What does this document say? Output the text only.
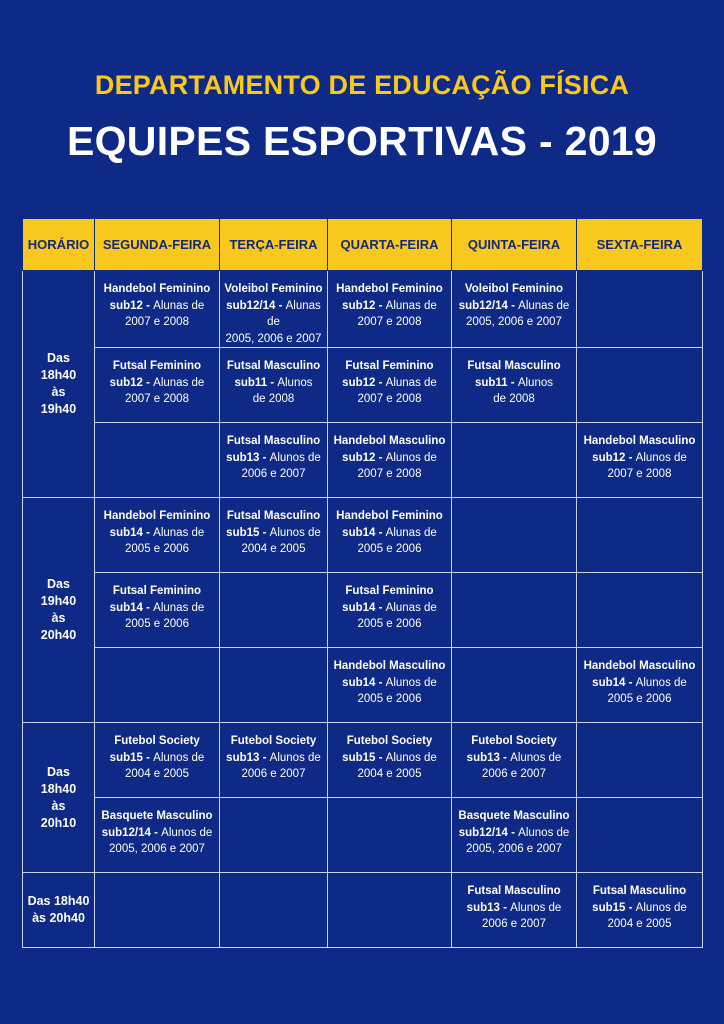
DEPARTAMENTO DE EDUCAÇÃO FÍSICA
EQUIPES ESPORTIVAS - 2019
HORÁRIO	SEGUNDA-FEIRA	TERÇA-FEIRA	QUARTA-FEIRA	QUINTA-FEIRA	SEXTA-FEIRA

Das
18h40
às
19h40	Handebol Feminino
sub12 - Alunas de
2007 e 2008	Voleibol Feminino
sub12/14 - Alunas de
2005, 2006 e 2007	Handebol Feminino
sub12 - Alunas de
2007 e 2008	Voleibol Feminino
sub12/14 - Alunas de
2005, 2006 e 2007	

	Futsal Feminino
sub12 - Alunas de
2007 e 2008	Futsal Masculino
sub11 - Alunos
de 2008	Futsal Feminino
sub12 - Alunas de
2007 e 2008	Futsal Masculino
sub11 - Alunos
de 2008	

		Futsal Masculino
sub13 - Alunos de
2006 e 2007	Handebol Masculino
sub12 - Alunos de
2007 e 2008		Handebol Masculino
sub12 - Alunos de
2007 e 2008

Das
19h40
às
20h40	Handebol Feminino
sub14 - Alunas de
2005 e 2006	Futsal Masculino
sub15 - Alunos de
2004 e 2005	Handebol Feminino
sub14 - Alunas de
2005 e 2006		

	Futsal Feminino
sub14 - Alunas de
2005 e 2006		Futsal Feminino
sub14 - Alunas de
2005 e 2006		

			Handebol Masculino
sub14 - Alunos de
2005 e 2006		Handebol Masculino
sub14 - Alunos de
2005 e 2006

Das
18h40
às
20h10	Futebol Society
sub15 - Alunos de
2004 e 2005	Futebol Society
sub13 - Alunos de
2006 e 2007	Futebol Society
sub15 - Alunos de
2004 e 2005	Futebol Society
sub13 - Alunos de
2006 e 2007	

	Basquete Masculino
sub12/14 - Alunos de
2005, 2006 e 2007			Basquete Masculino
sub12/14 - Alunos de
2005, 2006 e 2007	

Das 18h40
às 20h40				Futsal Masculino
sub13 - Alunos de
2006 e 2007	Futsal Masculino
sub15 - Alunos de
2004 e 2005
